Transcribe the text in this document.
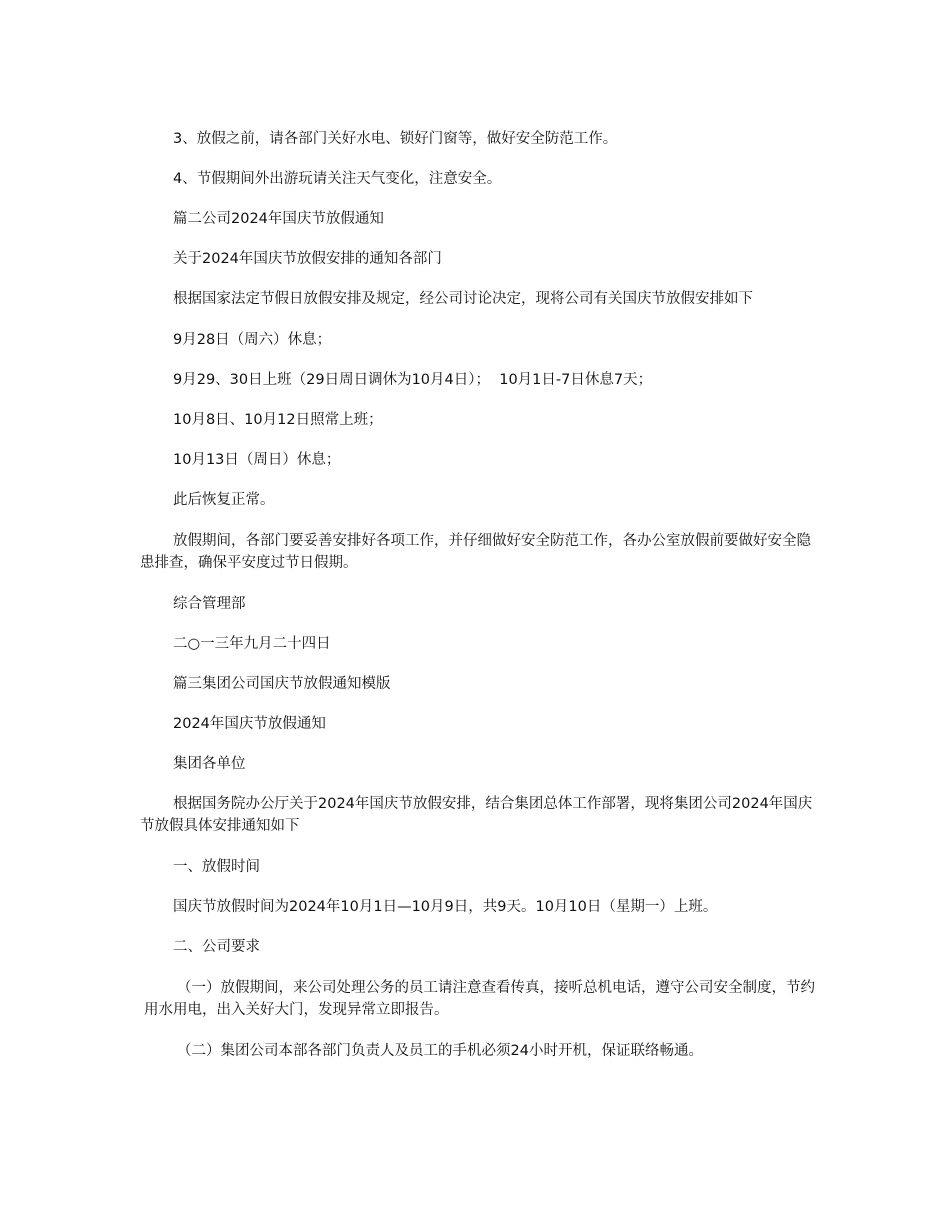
3、放假之前，请各部门关好水电、锁好门窗等，做好安全防范工作。

4、节假期间外出游玩请关注天气变化，注意安全。

篇二公司2024年国庆节放假通知

关于2024年国庆节放假安排的通知各部门

根据国家法定节假日放假安排及规定，经公司讨论决定，现将公司有关国庆节放假安排如下

9月28日（周六）休息；

9月29、30日上班（29日周日调休为10月4日）；  10月1日-7日休息7天；

10月8日、10月12日照常上班；

10月13日（周日）休息；

此后恢复正常。

放假期间，各部门要妥善安排好各项工作，并仔细做好安全防范工作，各办公室放假前要做好安全隐患排查，确保平安度过节日假期。

综合管理部

二○一三年九月二十四日

篇三集团公司国庆节放假通知模版

2024年国庆节放假通知

集团各单位

根据国务院办公厅关于2024年国庆节放假安排，结合集团总体工作部署，现将集团公司2024年国庆节放假具体安排通知如下

一、放假时间

国庆节放假时间为2024年10月1日—10月9日，共9天。10月10日（星期一）上班。

二、公司要求

（一）放假期间，来公司处理公务的员工请注意查看传真，接听总机电话，遵守公司安全制度，节约用水用电，出入关好大门，发现异常立即报告。

（二）集团公司本部各部门负责人及员工的手机必须24小时开机，保证联络畅通。
